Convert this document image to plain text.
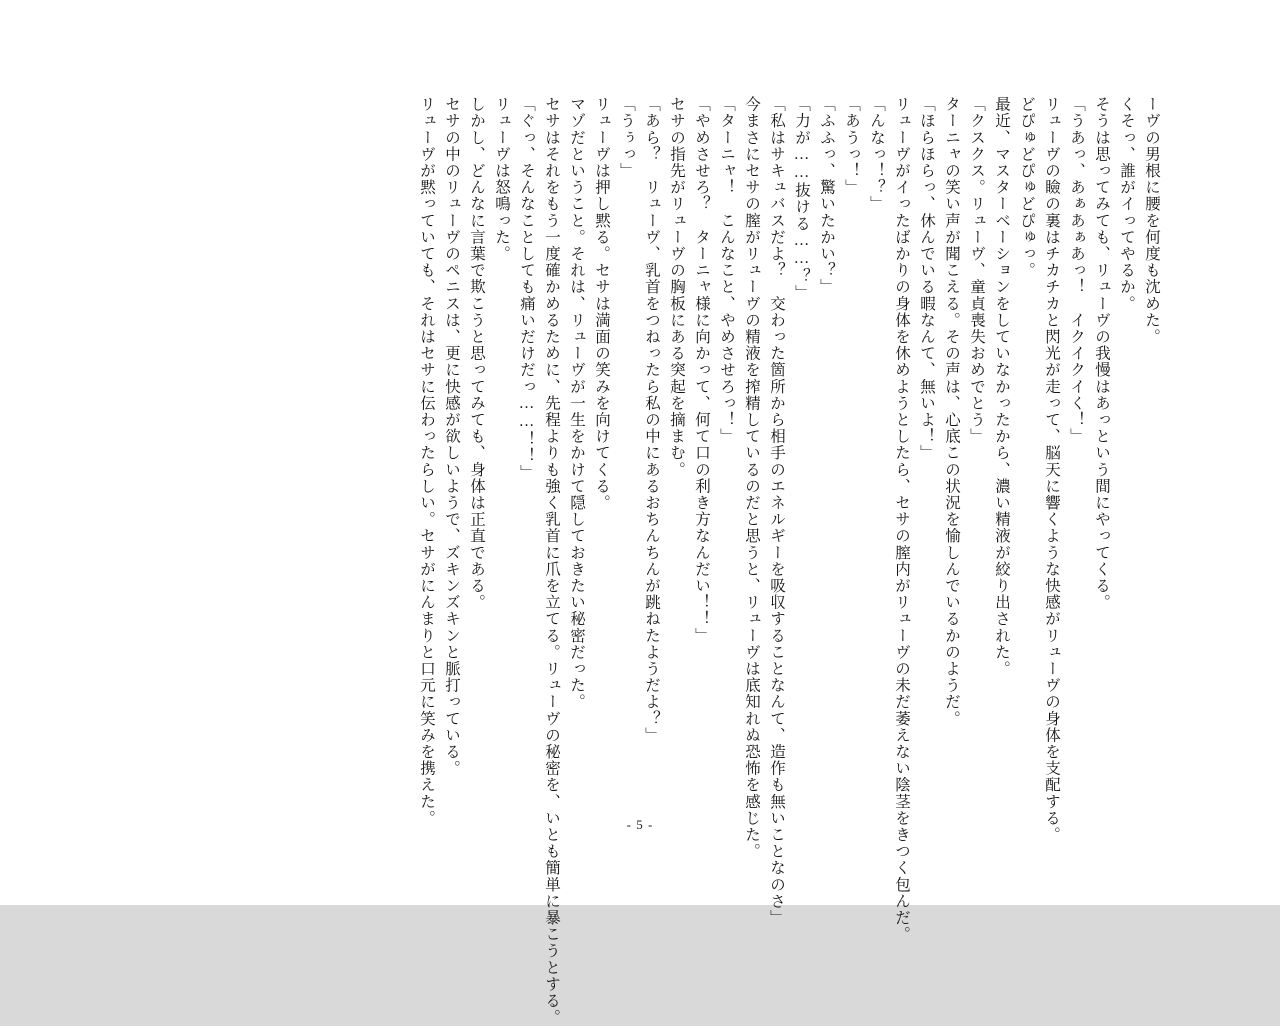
ーヴの男根に腰を何度も沈めた。
くそっ、誰がイってやるか。
そうは思ってみても、リューヴの我慢はあっという間にやってくる。
「うあっ、あぁあぁあっ！　イクイクイく！」
リューヴの瞼の裏はチカチカと閃光が走って、脳天に響くような快感がリューヴの身体を支配する。
どぴゅどぴゅどぴゅっ。
最近、マスターベーションをしていなかったから、濃い精液が絞り出された。
「クスクス。リューヴ、童貞喪失おめでとう」
ターニャの笑い声が聞こえる。その声は、心底この状況を愉しんでいるかのようだ。
「ほらほらっ、休んでいる暇なんて、無いよ！」
リューヴがイったばかりの身体を休めようとしたら、セサの膣内がリューヴの未だ萎えない陰茎をきつく包んだ。
「んなっ！？」
「あうっ！」
「ふふっ、驚いたかい？」
「力が……抜ける……？」
「私はサキュバスだよ？　交わった箇所から相手のエネルギーを吸収することなんて、造作も無いことなのさ」
今まさにセサの膣がリューヴの精液を搾精しているのだと思うと、リューヴは底知れぬ恐怖を感じた。
「ターニャ！　こんなこと、やめさせろっ！」
「やめさせろ？　ターニャ様に向かって、何て口の利き方なんだい！！」
セサの指先がリューヴの胸板にある突起を摘まむ。
「あら？　リューヴ、乳首をつねったら私の中にあるおちんちんが跳ねたようだよ？」
「うぅっ」
リューヴは押し黙る。セサは満面の笑みを向けてくる。
マゾだということ。それは、リューヴが一生をかけて隠しておきたい秘密だった。
セサはそれをもう一度確かめるために、先程よりも強く乳首に爪を立てる。リューヴの秘密を、いとも簡単に暴こうとする。
「ぐっ、そんなことしても痛いだけだっ……！！」
リューヴは怒鳴った。
しかし、どんなに言葉で欺こうと思ってみても、身体は正直である。
セサの中のリューヴのペニスは、更に快感が欲しいようで、ズキンズキンと脈打っている。
リューヴが黙っていても、それはセサに伝わったらしい。セサがにんまりと口元に笑みを携えた。	- 5 -
